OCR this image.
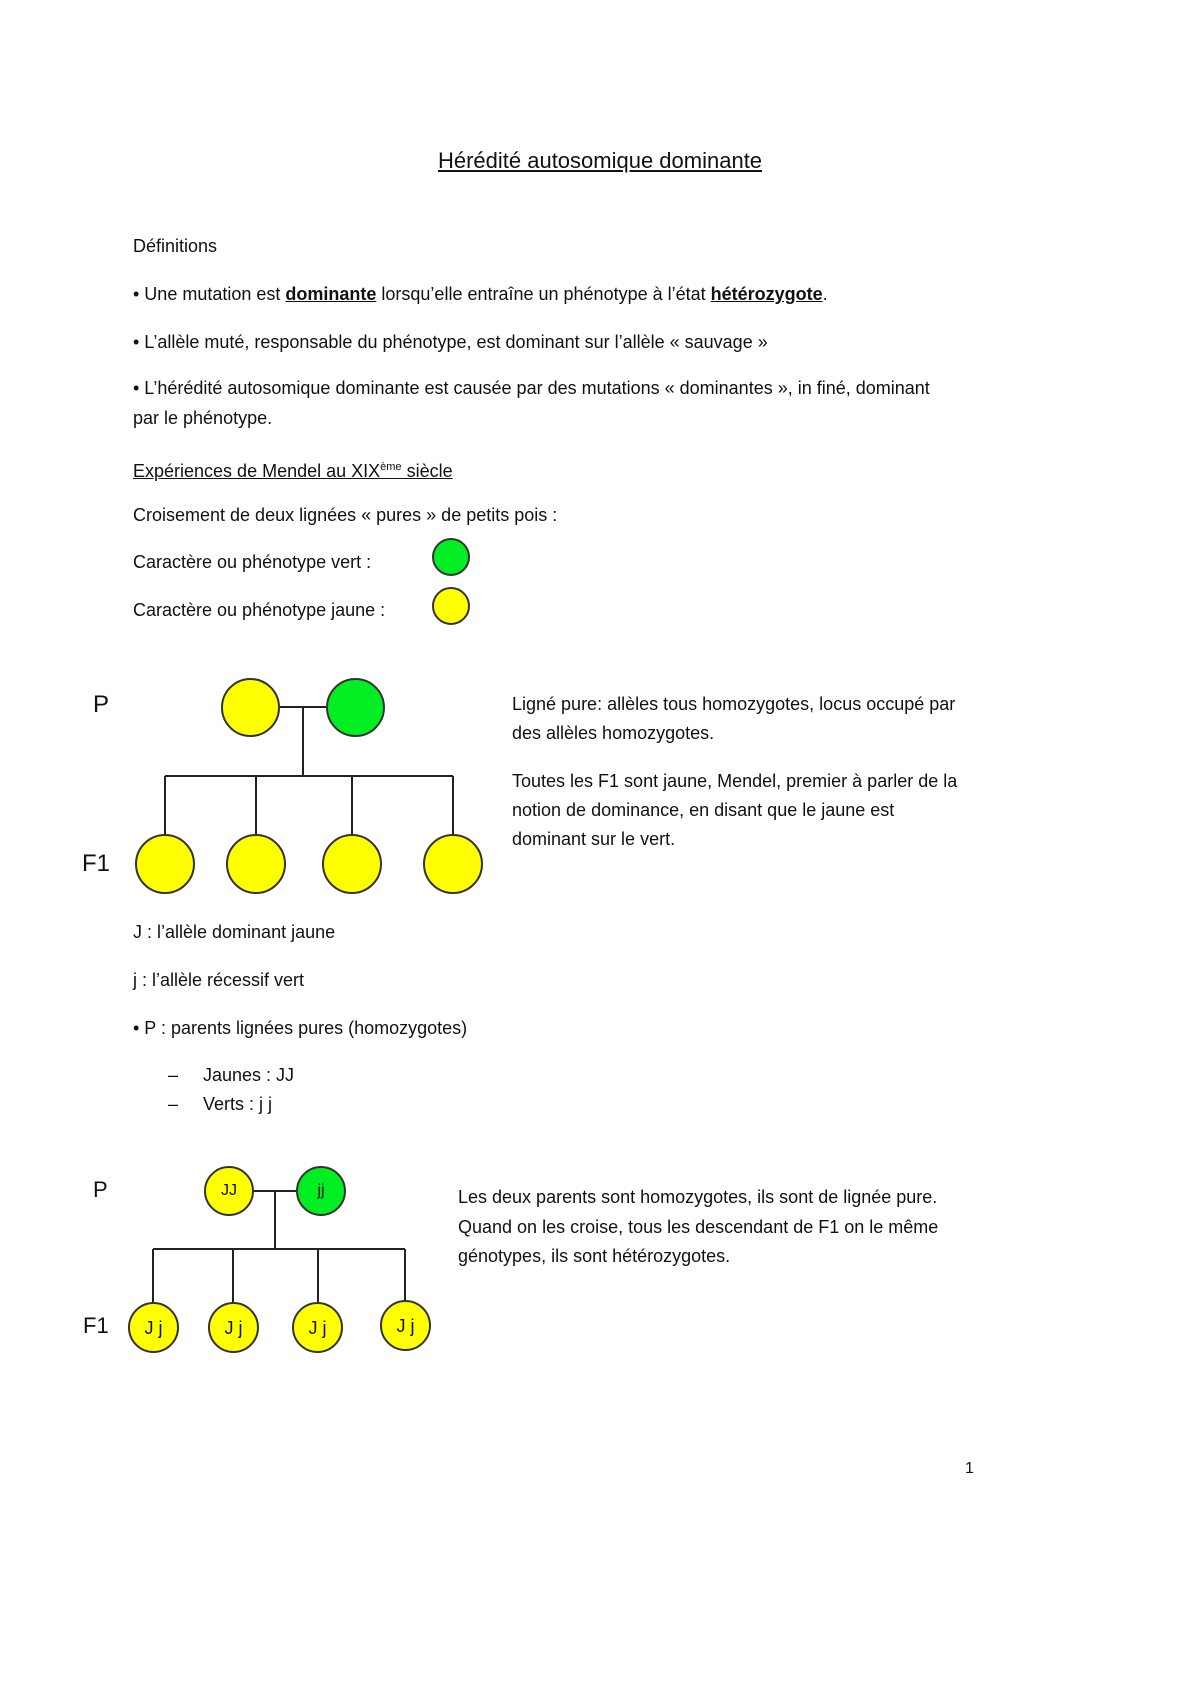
Hérédité autosomique dominante
Définitions
• Une mutation est dominante lorsqu’elle entraîne un phénotype à l’état hétérozygote.
• L’allèle muté, responsable du phénotype, est dominant sur l’allèle « sauvage »
• L’hérédité autosomique dominante est causée par des mutations « dominantes », in finé, dominant
par le phénotype.
Expériences de Mendel au XIXème siècle
Croisement de deux lignées « pures » de petits pois :
Caractère ou phénotype vert :
Caractère ou phénotype jaune :
P
F1
Ligné pure: allèles tous homozygotes, locus occupé par
des allèles homozygotes.
Toutes les F1 sont jaune, Mendel, premier à parler de la
notion de dominance, en disant que le jaune est
dominant sur le vert.
J : l’allèle dominant jaune
j : l’allèle récessif vert
• P : parents lignées pures (homozygotes)
–     Jaunes : JJ
–     Verts : j j
P
F1
JJ	jj
J j	J j	J j	J j
Les deux parents sont homozygotes, ils sont de lignée pure.
Quand on les croise, tous les descendant de F1 on le même
génotypes, ils sont hétérozygotes.
1
